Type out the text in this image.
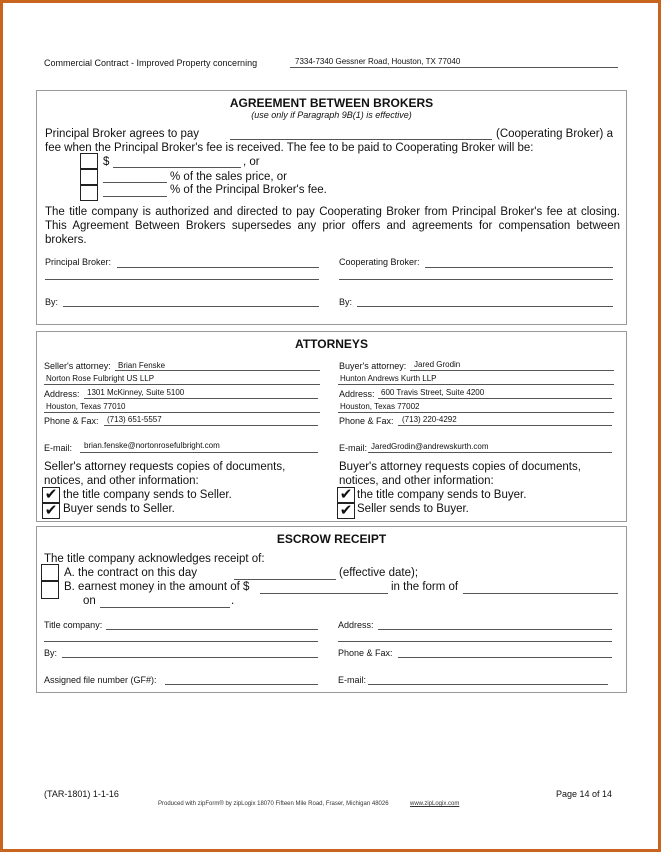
Commercial Contract - Improved Property concerning	7334-7340 Gessner Road, Houston, TX 77040
AGREEMENT BETWEEN BROKERS
(use only if Paragraph 9B(1) is effective)
Principal Broker agrees to pay	(Cooperating Broker) a
fee when the Principal Broker's fee is received. The fee to be paid to Cooperating Broker will be:
$	, or
% of the sales price, or
% of the Principal Broker's fee.
The title company is authorized and directed to pay Cooperating Broker from Principal Broker's fee at closing. This Agreement Between Brokers supersedes any prior offers and agreements for compensation between brokers.
Principal Broker:	Cooperating Broker:
By:	By:
ATTORNEYS
Seller's attorney: Brian Fenske
Norton Rose Fulbright US LLP
Address: 1301 McKinney, Suite 5100
Houston, Texas 77010
Phone & Fax: (713) 651-5557
E-mail: brian.fenske@nortonrosefulbright.com
Seller's attorney requests copies of documents,
notices, and other information:
✔ the title company sends to Seller.
✔ Buyer sends to Seller.
Buyer's attorney: Jared Grodin
Hunton Andrews Kurth LLP
Address: 600 Travis Street, Suite 4200
Houston, Texas 77002
Phone & Fax: (713) 220-4292
E-mail: JaredGrodin@andrewskurth.com
Buyer's attorney requests copies of documents,
notices, and other information:
✔ the title company sends to Buyer.
✔ Seller sends to Buyer.
ESCROW RECEIPT
The title company acknowledges receipt of:
A. the contract on this day	(effective date);
B. earnest money in the amount of $	in the form of
on	.
Title company:	Address:
By:	Phone & Fax:
Assigned file number (GF#):	E-mail:
(TAR-1801) 1-1-16	Page 14 of 14
Produced with zipForm® by zipLogix 18070 Fifteen Mile Road, Fraser, Michigan 48026	www.zipLogix.com
